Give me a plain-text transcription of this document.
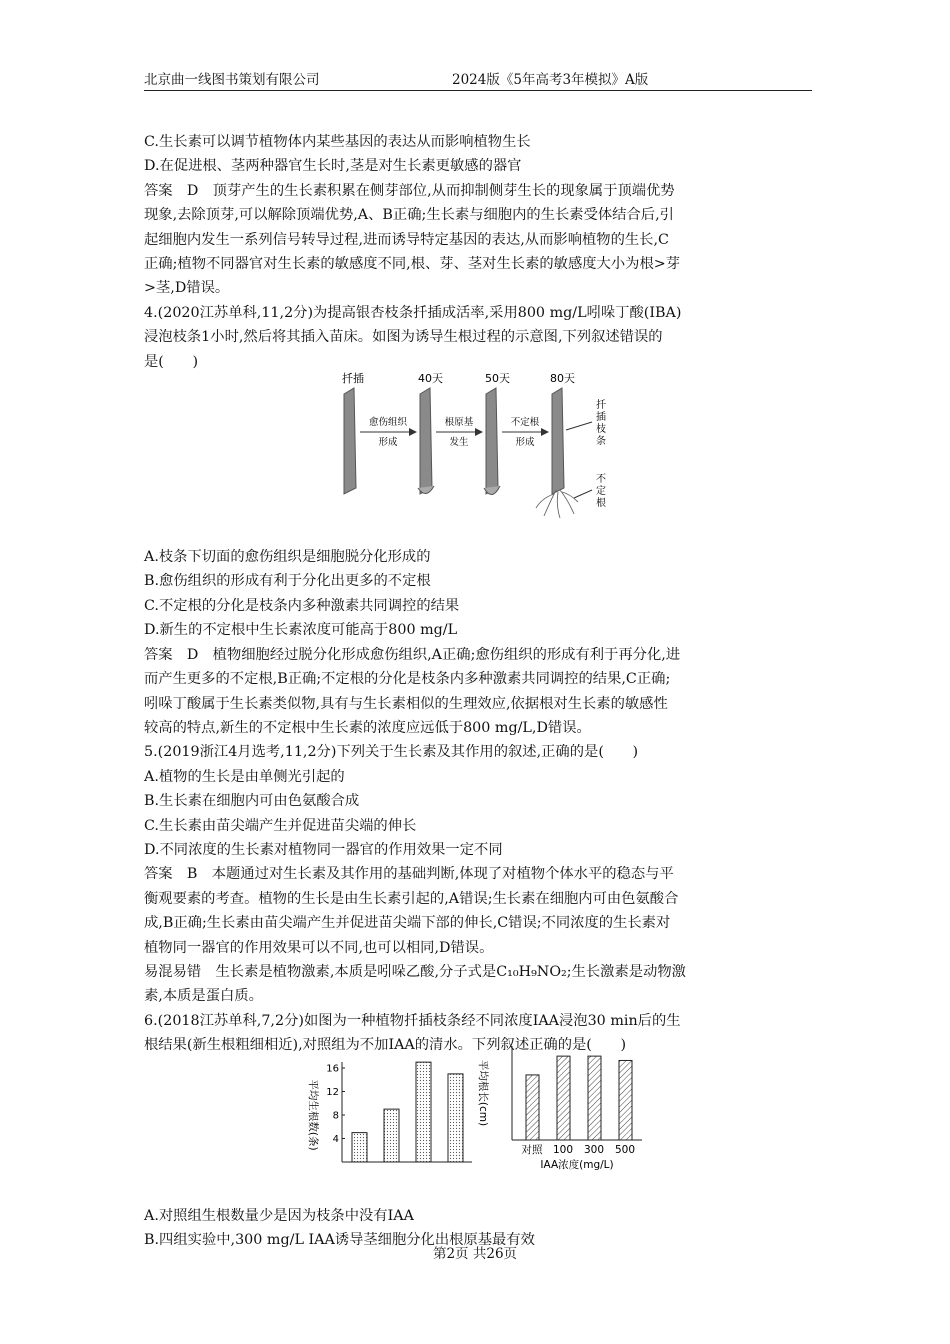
北京曲一线图书策划有限公司	2024版《5年高考3年模拟》A版

C.生长素可以调节植物体内某些基因的表达从而影响植物生长

D.在促进根、茎两种器官生长时,茎是对生长素更敏感的器官

答案　D　顶芽产生的生长素积累在侧芽部位,从而抑制侧芽生长的现象属于顶端优势

现象,去除顶芽,可以解除顶端优势,A、B正确;生长素与细胞内的生长素受体结合后,引

起细胞内发生一系列信号转导过程,进而诱导特定基因的表达,从而影响植物的生长,C

正确;植物不同器官对生长素的敏感度不同,根、芽、茎对生长素的敏感度大小为根>芽

>茎,D错误。

4.(2020江苏单科,11,2分)为提高银杏枝条扦插成活率,采用800 mg/L吲哚丁酸(IBA)

浸泡枝条1小时,然后将其插入苗床。如图为诱导生根过程的示意图,下列叙述错误的

是(　　)

A.枝条下切面的愈伤组织是细胞脱分化形成的

B.愈伤组织的形成有利于分化出更多的不定根

C.不定根的分化是枝条内多种激素共同调控的结果

D.新生的不定根中生长素浓度可能高于800 mg/L

答案　D　植物细胞经过脱分化形成愈伤组织,A正确;愈伤组织的形成有利于再分化,进

而产生更多的不定根,B正确;不定根的分化是枝条内多种激素共同调控的结果,C正确;

吲哚丁酸属于生长素类似物,具有与生长素相似的生理效应,依据根对生长素的敏感性

较高的特点,新生的不定根中生长素的浓度应远低于800 mg/L,D错误。

5.(2019浙江4月选考,11,2分)下列关于生长素及其作用的叙述,正确的是(　　)

A.植物的生长是由单侧光引起的

B.生长素在细胞内可由色氨酸合成

C.生长素由苗尖端产生并促进苗尖端的伸长

D.不同浓度的生长素对植物同一器官的作用效果一定不同

答案　B　本题通过对生长素及其作用的基础判断,体现了对植物个体水平的稳态与平

衡观要素的考查。植物的生长是由生长素引起的,A错误;生长素在细胞内可由色氨酸合

成,B正确;生长素由苗尖端产生并促进苗尖端下部的伸长,C错误;不同浓度的生长素对

植物同一器官的作用效果可以不同,也可以相同,D错误。

易混易错　生长素是植物激素,本质是吲哚乙酸,分子式是C₁₀H₉NO₂;生长激素是动物激

素,本质是蛋白质。

6.(2018江苏单科,7,2分)如图为一种植物扦插枝条经不同浓度IAA浸泡30 min后的生

根结果(新生根粗细相近),对照组为不加IAA的清水。下列叙述正确的是(　　)

A.对照组生根数量少是因为枝条中没有IAA

B.四组实验中,300 mg/L IAA诱导茎细胞分化出根原基最有效

扦插	40天	50天	80天
愈伤组织
形成
根原基
发生
不定根
形成
扦
插
枝
条
不
定
根
4
8
12
16
平均生根数(条)	平均根长(cm)
对照 100 300 500
IAA浓度(mg/L)
第2页 共26页
